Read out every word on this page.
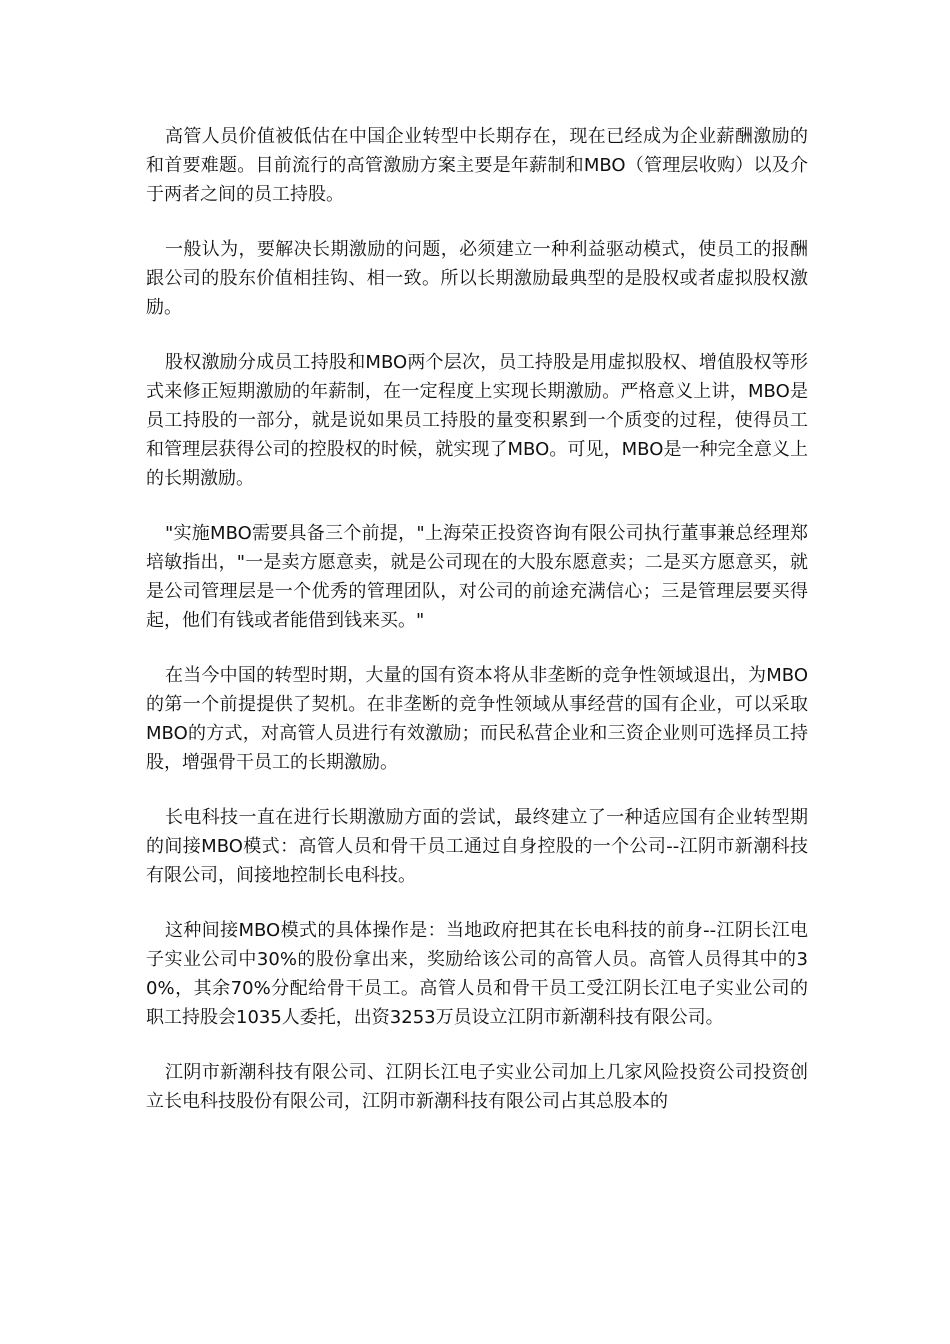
高管人员价值被低估在中国企业转型中长期存在，现在已经成为企业薪酬激励的和首要难题。目前流行的高管激励方案主要是年薪制和MBO（管理层收购）以及介于两者之间的员工持股。

一般认为，要解决长期激励的问题，必须建立一种利益驱动模式，使员工的报酬跟公司的股东价值相挂钩、相一致。所以长期激励最典型的是股权或者虚拟股权激励。

股权激励分成员工持股和MBO两个层次，员工持股是用虚拟股权、增值股权等形式来修正短期激励的年薪制，在一定程度上实现长期激励。严格意义上讲，MBO是员工持股的一部分，就是说如果员工持股的量变积累到一个质变的过程，使得员工和管理层获得公司的控股权的时候，就实现了MBO。可见，MBO是一种完全意义上的长期激励。

"实施MBO需要具备三个前提，"上海荣正投资咨询有限公司执行董事兼总经理郑培敏指出，"一是卖方愿意卖，就是公司现在的大股东愿意卖；二是买方愿意买，就是公司管理层是一个优秀的管理团队，对公司的前途充满信心；三是管理层要买得起，他们有钱或者能借到钱来买。"

在当今中国的转型时期，大量的国有资本将从非垄断的竞争性领域退出，为MBO的第一个前提提供了契机。在非垄断的竞争性领域从事经营的国有企业，可以采取MBO的方式，对高管人员进行有效激励；而民私营企业和三资企业则可选择员工持股，增强骨干员工的长期激励。

长电科技一直在进行长期激励方面的尝试，最终建立了一种适应国有企业转型期的间接MBO模式：高管人员和骨干员工通过自身控股的一个公司--江阴市新潮科技有限公司，间接地控制长电科技。

这种间接MBO模式的具体操作是：当地政府把其在长电科技的前身--江阴长江电子实业公司中30%的股份拿出来，奖励给该公司的高管人员。高管人员得其中的30%，其余70%分配给骨干员工。高管人员和骨干员工受江阴长江电子实业公司的职工持股会1035人委托，出资3253万员设立江阴市新潮科技有限公司。

江阴市新潮科技有限公司、江阴长江电子实业公司加上几家风险投资公司投资创立长电科技股份有限公司，江阴市新潮科技有限公司占其总股本的
